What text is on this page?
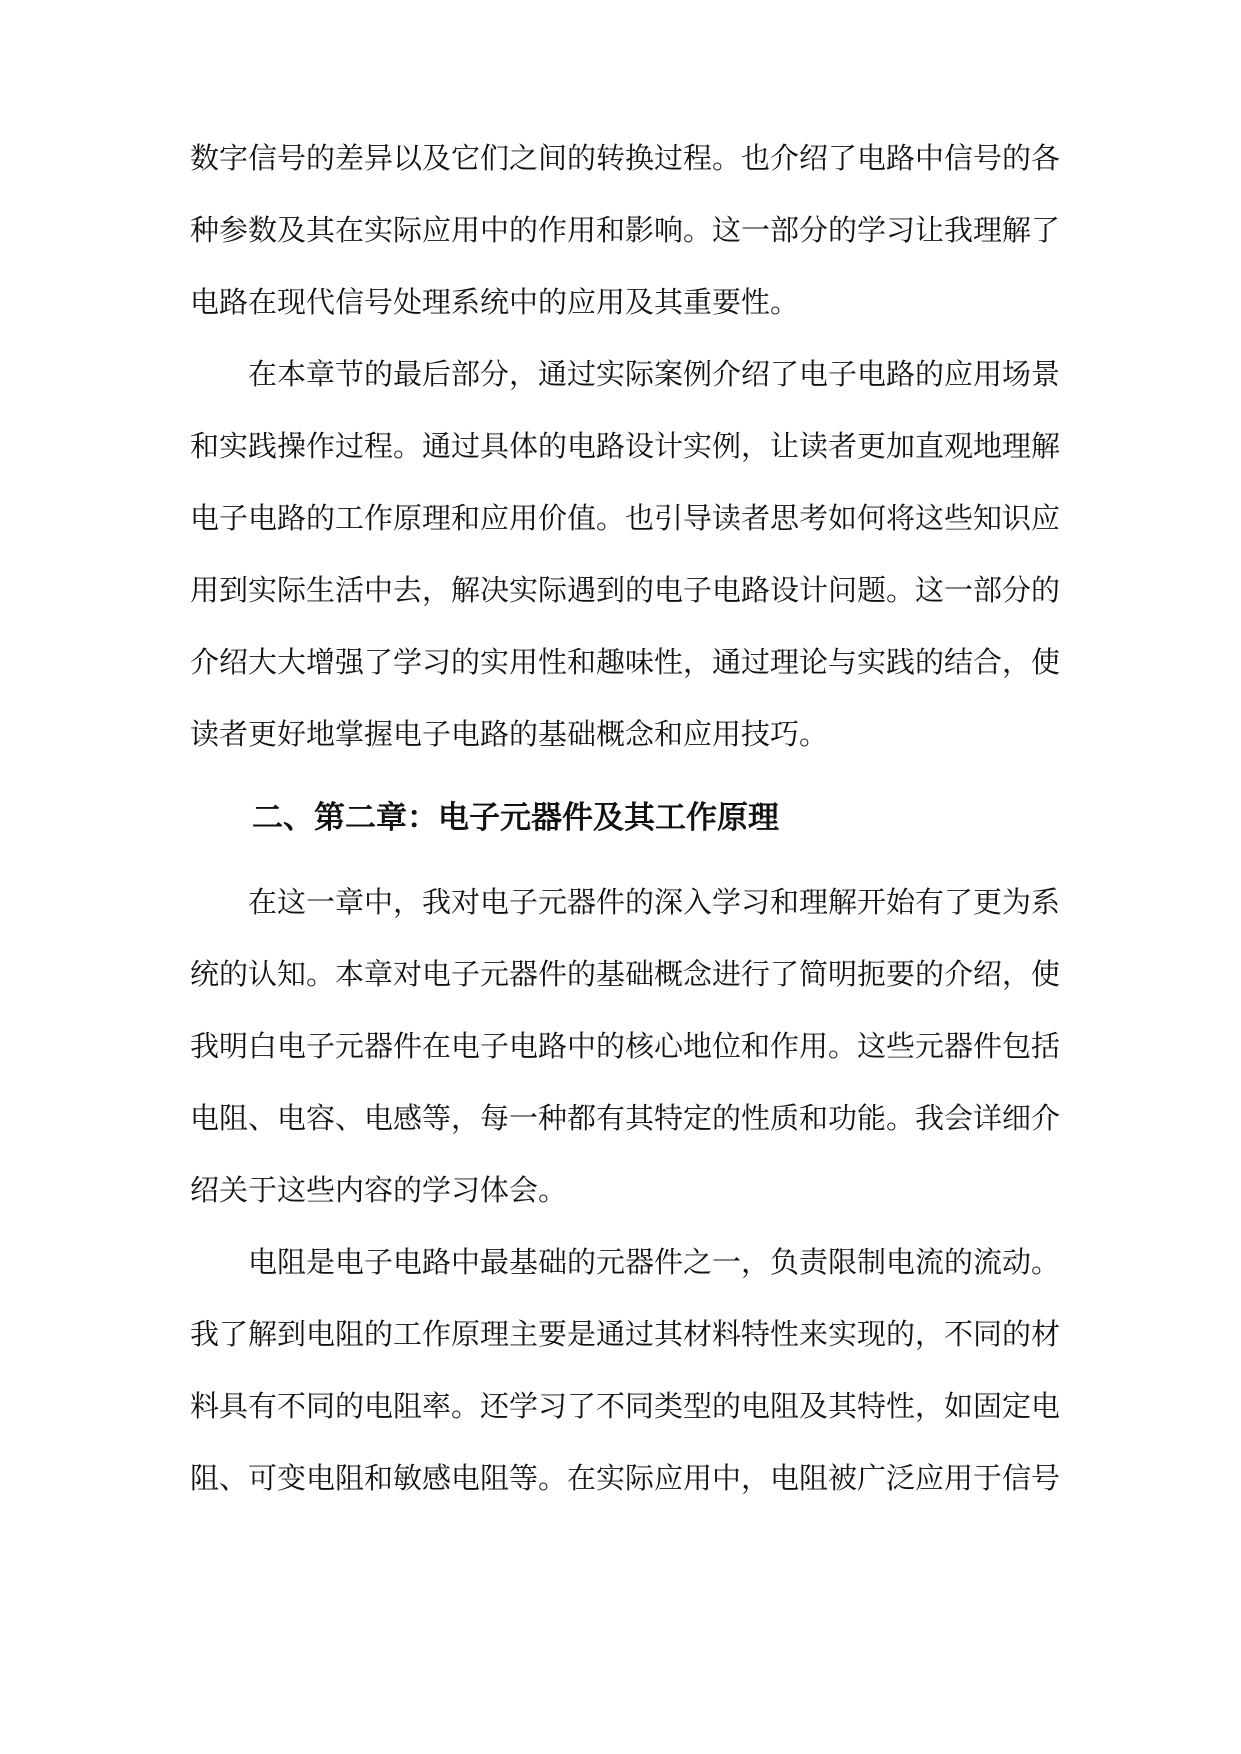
数字信号的差异以及它们之间的转换过程。也介绍了电路中信号的各
种参数及其在实际应用中的作用和影响。这一部分的学习让我理解了
电路在现代信号处理系统中的应用及其重要性。
　　在本章节的最后部分，通过实际案例介绍了电子电路的应用场景
和实践操作过程。通过具体的电路设计实例，让读者更加直观地理解
电子电路的工作原理和应用价值。也引导读者思考如何将这些知识应
用到实际生活中去，解决实际遇到的电子电路设计问题。这一部分的
介绍大大增强了学习的实用性和趣味性，通过理论与实践的结合，使
读者更好地掌握电子电路的基础概念和应用技巧。
二、第二章：电子元器件及其工作原理
　　在这一章中，我对电子元器件的深入学习和理解开始有了更为系
统的认知。本章对电子元器件的基础概念进行了简明扼要的介绍，使
我明白电子元器件在电子电路中的核心地位和作用。这些元器件包括
电阻、电容、电感等，每一种都有其特定的性质和功能。我会详细介
绍关于这些内容的学习体会。
　　电阻是电子电路中最基础的元器件之一，负责限制电流的流动。
我了解到电阻的工作原理主要是通过其材料特性来实现的，不同的材
料具有不同的电阻率。还学习了不同类型的电阻及其特性，如固定电
阻、可变电阻和敏感电阻等。在实际应用中，电阻被广泛应用于信号
